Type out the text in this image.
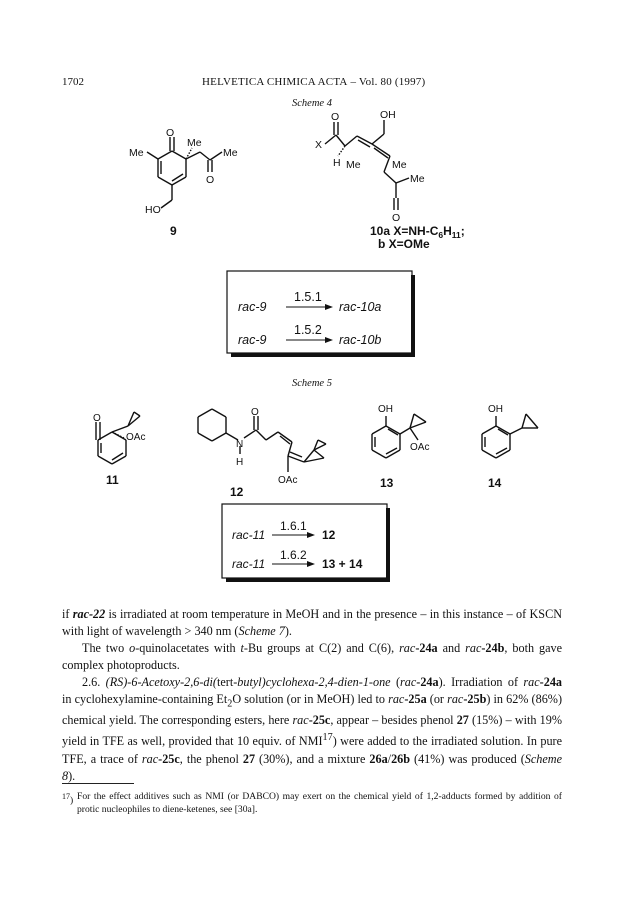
1702	HELVETICA CHIMICA ACTA – Vol. 80 (1997)
Scheme 4
O
Me
Me
Me
O
HO
9
O	OH
X
H Me	Me
Me
O
10a $X=NH-C_6H_{11}$;
b X=OMe
rac-9
1.5.1
rac-10a
rac-9
1.5.2
rac-10b
Scheme 5
O
OAc
11
O
N
H
OAc
12
OH
OAc
13
OH
14
rac-11
1.6.1
12
rac-11
1.6.2
13 + 14

if rac-22 is irradiated at room temperature in MeOH and in the presence – in this instance – of KSCN with light of wavelength > 340 nm (Scheme 7).

The two o-quinolacetates with t-Bu groups at C(2) and C(6), rac-24a and rac-24b, both gave complex photoproducts.

2.6. (RS)-6-Acetoxy-2,6-di(tert-butyl)cyclohexa-2,4-dien-1-one (rac-24a). Irradiation of rac-24a in cyclohexylamine-containing $Et_2O$ solution (or in MeOH) led to rac-25a (or rac-25b) in 62% (86%) chemical yield. The corresponding esters, here rac-25c, appear – besides phenol 27 (15%) – with 19% yield in TFE as well, provided that 10 equiv. of NMI$^{17}$) were added to the irradiated solution. In pure TFE, a trace of rac-25c, the phenol 27 (30%), and a mixture 26a/26b (41%) was produced (Scheme 8).

$^{17}$) For the effect additives such as NMI (or DABCO) may exert on the chemical yield of 1,2-adducts formed by addition of protic nucleophiles to diene-ketenes, see [30a].
